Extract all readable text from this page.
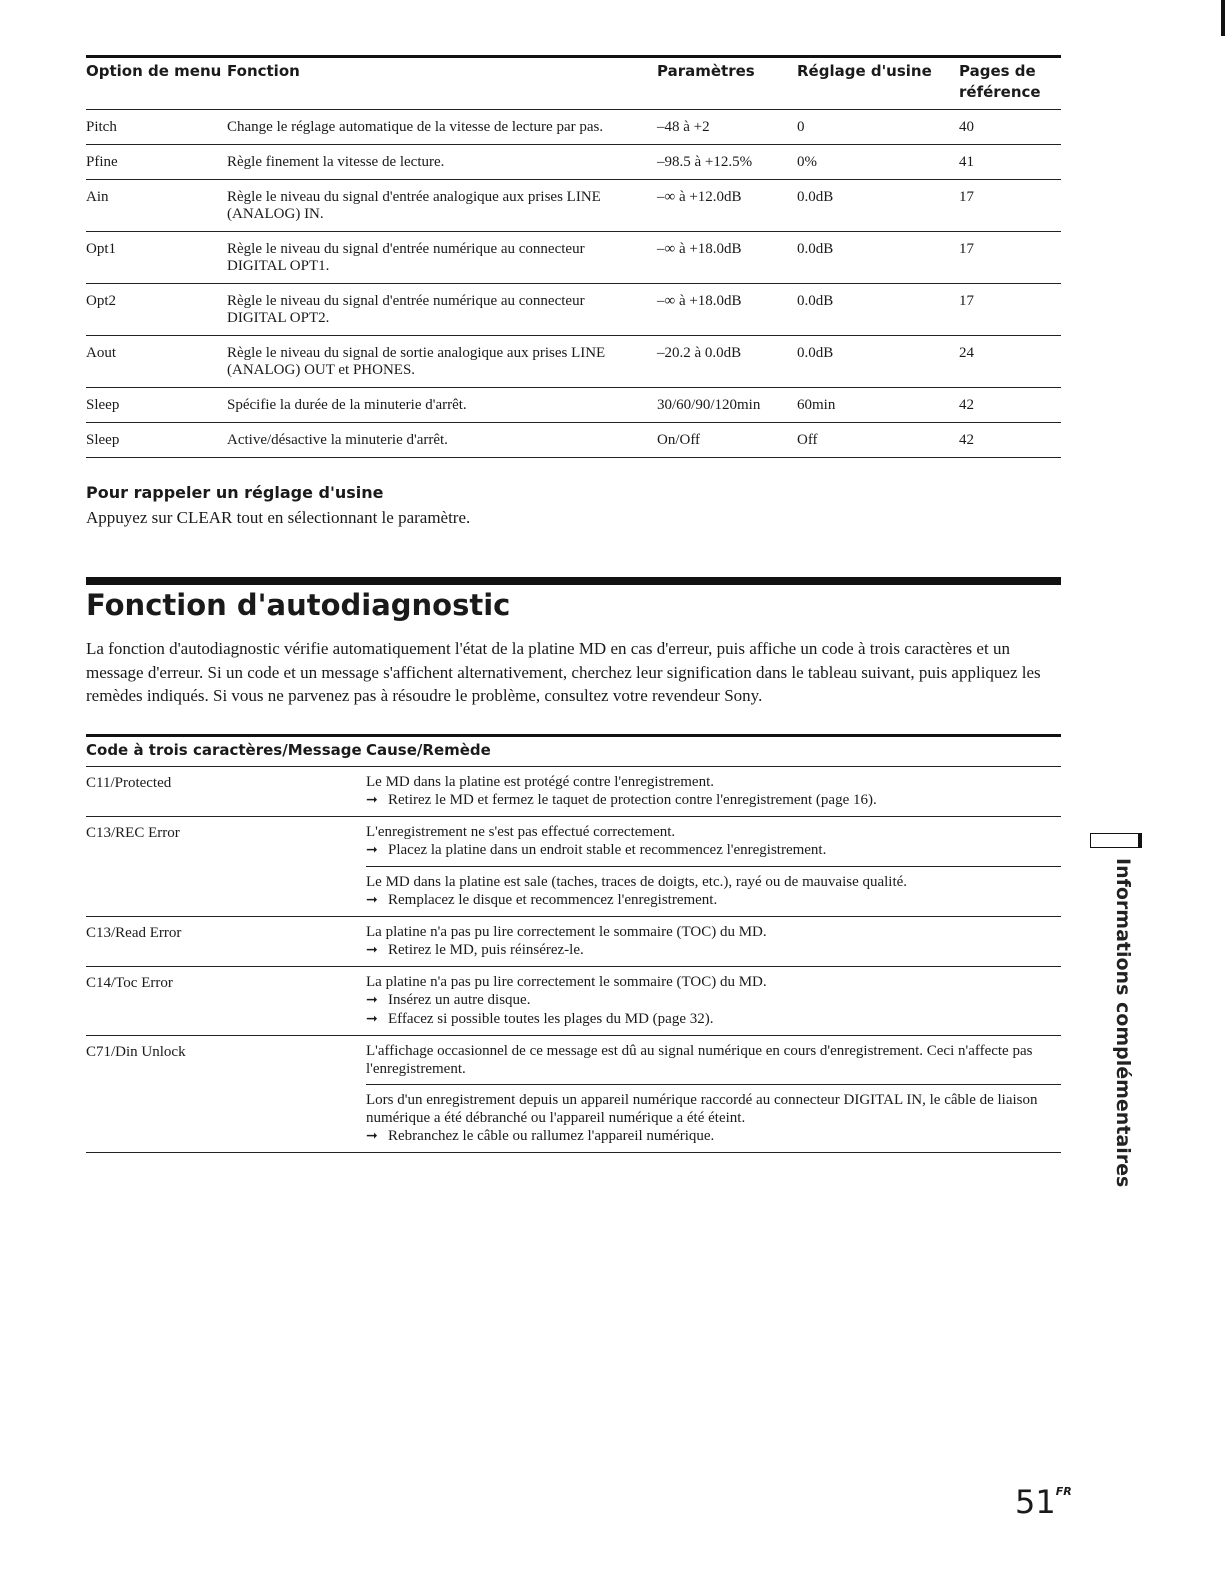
Option de menu	Fonction	Paramètres	Réglage d'usine	Pages de référence
Pitch	Change le réglage automatique de la vitesse de lecture par pas.	–48 à +2	0	40
Pfine	Règle finement la vitesse de lecture.	–98.5 à +12.5%	0%	41
Ain	Règle le niveau du signal d'entrée analogique aux prises LINE (ANALOG) IN.	–∞ à +12.0dB	0.0dB	17
Opt1	Règle le niveau du signal d'entrée numérique au connecteur DIGITAL OPT1.	–∞ à +18.0dB	0.0dB	17
Opt2	Règle le niveau du signal d'entrée numérique au connecteur DIGITAL OPT2.	–∞ à +18.0dB	0.0dB	17
Aout	Règle le niveau du signal de sortie analogique aux prises LINE (ANALOG) OUT et PHONES.	–20.2 à 0.0dB	0.0dB	24
Sleep	Spécifie la durée de la minuterie d'arrêt.	30/60/90/120min	60min	42
Sleep	Active/désactive la minuterie d'arrêt.	On/Off	Off	42
Pour rappeler un réglage d'usine
Appuyez sur CLEAR tout en sélectionnant le paramètre.
Fonction d'autodiagnostic

La fonction d'autodiagnostic vérifie automatiquement l'état de la platine MD en cas d'erreur, puis affiche un code à trois caractères et un message d'erreur. Si un code et un message s'affichent alternativement, cherchez leur signification dans le tableau suivant, puis appliquez les remèdes indiqués. Si vous ne parvenez pas à résoudre le problème, consultez votre revendeur Sony.

Code à trois caractères/Message	Cause/Remède
C11/Protected	Le MD dans la platine est protégé contre l'enregistrement.

➞ Retirez le MD et fermez le taquet de protection contre l'enregistrement (page 16).

C13/REC Error	L'enregistrement ne s'est pas effectué correctement.

➞ Placez la platine dans un endroit stable et recommencez l'enregistrement.

Le MD dans la platine est sale (taches, traces de doigts, etc.), rayé ou de mauvaise qualité.

➞ Remplacez le disque et recommencez l'enregistrement.

C13/Read Error	La platine n'a pas pu lire correctement le sommaire (TOC) du MD.

➞ Retirez le MD, puis réinsérez-le.

C14/Toc Error	La platine n'a pas pu lire correctement le sommaire (TOC) du MD.

➞ Insérez un autre disque.

➞ Effacez si possible toutes les plages du MD (page 32).

C71/Din Unlock	L'affichage occasionnel de ce message est dû au signal numérique en cours d'enregistrement. Ceci n'affecte pas l'enregistrement.

Lors d'un enregistrement depuis un appareil numérique raccordé au connecteur DIGITAL IN, le câble de liaison numérique a été débranché ou l'appareil numérique a été éteint.

➞ Rebranchez le câble ou rallumez l'appareil numérique.	Informations complémentaires
$51^{FR}$
